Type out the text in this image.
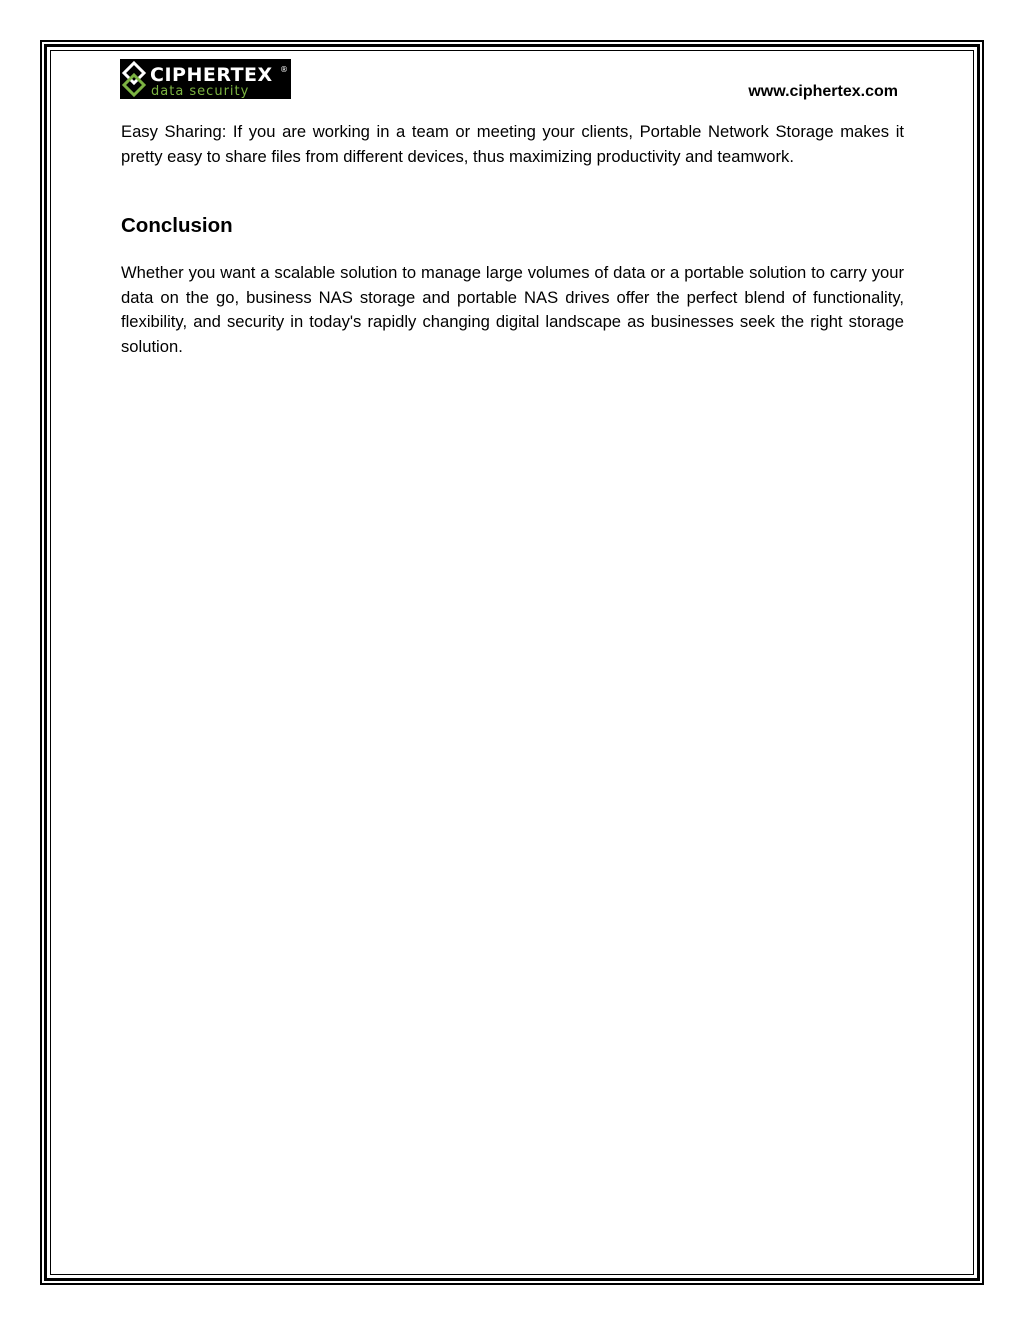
CIPHERTEX ®
data security	www.ciphertex.com

Easy Sharing: If you are working in a team or meeting your clients, Portable Network Storage makes it pretty easy to share files from different devices, thus maximizing productivity and teamwork.

Conclusion

Whether you want a scalable solution to manage large volumes of data or a portable solution to carry your data on the go, business NAS storage and portable NAS drives offer the perfect blend of functionality, flexibility, and security in today's rapidly changing digital landscape as businesses seek the right storage solution.
